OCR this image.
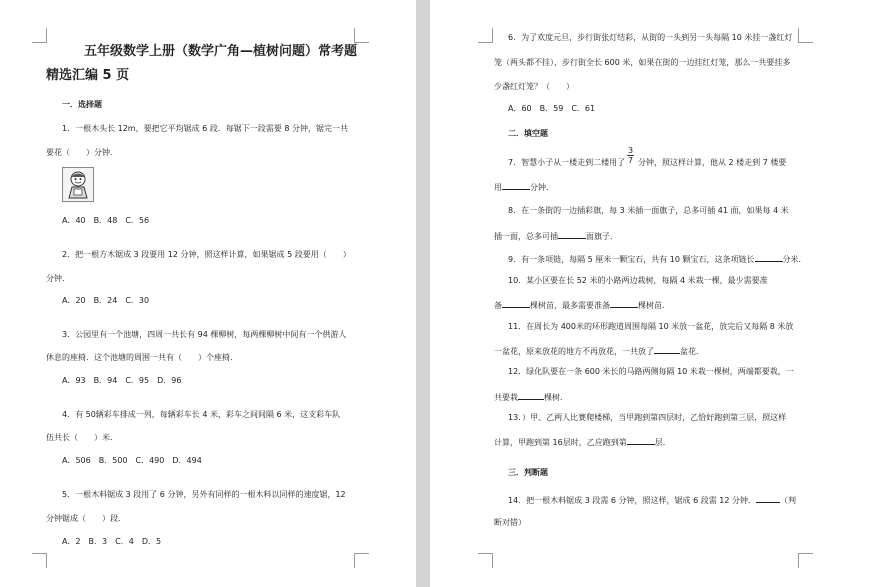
五年级数学上册（数学广角—植树问题）常考题
精选汇编 5 页
一．选择题
1．一根木头长 12m，要把它平均锯成 6 段．每锯下一段需要 8 分钟，锯完一共
要花（　　）分钟．
A．40　B．48　C．56
2．把一根方木锯成 3 段要用 12 分钟，照这样计算，如果锯成 5 段要用（　　）
分钟．
A．20　B．24　C．30
3．公园里有一个池塘，四周一共长有 94 棵柳树，每两棵柳树中间有一个供游人
休息的座椅．这个池塘的周围一共有（　　）个座椅．
A．93　B．94　C．95　D．96
4．有 50辆彩车排成一列，每辆彩车长 4 米，彩车之间间隔 6 米，这支彩车队
伍共长（　　）米．
A．506　B．500　C．490　D．494
5．一根木料锯成 3 段用了 6 分钟，另外有同样的一根木料以同样的速度锯，12
分钟锯成（　　）段．
A．2　B．3　C．4　D．5
6．为了欢度元旦，步行街张灯结彩，从街的一头到另一头每隔 10 米挂一盏红灯
笼（两头都不挂），步行街全长 600 米，如果在街的一边挂红灯笼，那么一共要挂多
少盏红灯笼？（　　）
A．60　B．59　C．61
二．填空题
7．智慧小子从一楼走到二楼用了 $\frac{3}{7}$ 分钟，照这样计算，他从 2 楼走到 7 楼要
用	分钟．
8．在一条街的一边插彩旗，每 3 米插一面旗子，总多可插 41 面，如果每 4 米
插一面，总多可插	面旗子．
9．有一条项链，每隔 5 厘米一颗宝石，共有 10 颗宝石，这条项链长	分米．
10．某小区要在长 52 米的小路两边栽树，每隔 4 米栽一棵，最少需要准
备	棵树苗，最多需要准备	棵树苗．
11．在周长为 400米的环形跑道周围每隔 10 米放一盆花，放完后又每隔 8 米放
一盆花，原来放花的地方不再放花，一共放了	盆花．
12．绿化队要在一条 600 米长的马路两侧每隔 10 米栽一棵树，两端都要栽，一
共要栽	棵树．
13．）甲、乙两人比赛爬楼梯，当甲跑到第四层时，乙恰好跑到第三层，照这样
计算，甲跑到第 16层时，乙应跑到第	层．
三．判断题
14．把一根木料锯成 3 段需 6 分钟，照这样，锯成 6 段需 12 分钟．	（判
断对错）
